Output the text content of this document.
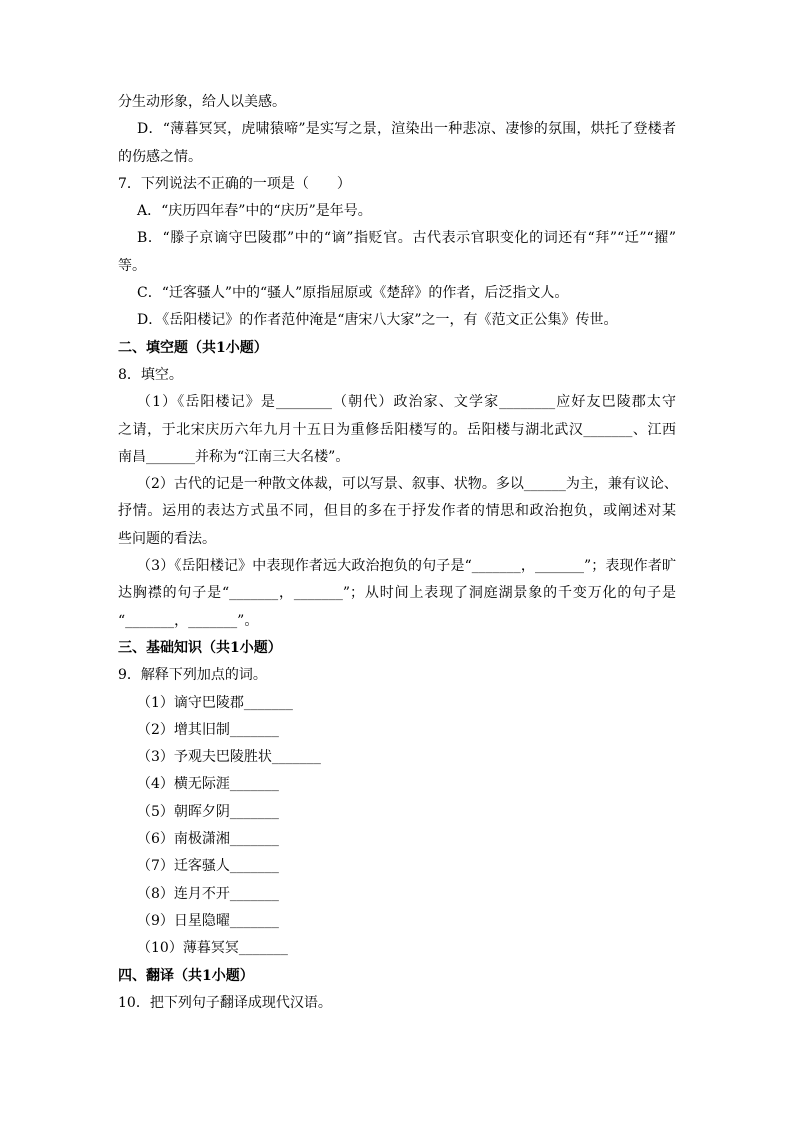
分生动形象，给人以美感。
D．“薄暮冥冥，虎啸猿啼”是实写之景，渲染出一种悲凉、凄惨的氛围，烘托了登楼者
的伤感之情。
7．下列说法不正确的一项是（　　）
A．“庆历四年春”中的“庆历”是年号。
B．“滕子京谪守巴陵郡”中的“谪”指贬官。古代表示官职变化的词还有“拜”“迁”“擢”
等。
C．“迁客骚人”中的“骚人”原指屈原或《楚辞》的作者，后泛指文人。
D．《岳阳楼记》的作者范仲淹是“唐宋八大家”之一，有《范文正公集》传世。
二、填空题（共1小题）
8．填空。
（1）《岳阳楼记》是________（朝代）政治家、文学家________应好友巴陵郡太守
之请，于北宋庆历六年九月十五日为重修岳阳楼写的。岳阳楼与湖北武汉_______、江西
南昌_______并称为“江南三大名楼”。
（2）古代的记是一种散文体裁，可以写景、叙事、状物。多以______为主，兼有议论、
抒情。运用的表达方式虽不同，但目的多在于抒发作者的情思和政治抱负，或阐述对某
些问题的看法。
（3）《岳阳楼记》中表现作者远大政治抱负的句子是“_______，_______”；表现作者旷
达胸襟的句子是“_______，_______”；从时间上表现了洞庭湖景象的千变万化的句子是
“_______，_______”。
三、基础知识（共1小题）
9．解释下列加点的词。
（1）谪守巴陵郡_______
（2）增其旧制_______
（3）予观夫巴陵胜状_______
（4）横无际涯_______
（5）朝晖夕阴_______
（6）南极潇湘_______
（7）迁客骚人_______
（8）连月不开_______
（9）日星隐曜_______
（10）薄暮冥冥_______
四、翻译（共1小题）
10．把下列句子翻译成现代汉语。
